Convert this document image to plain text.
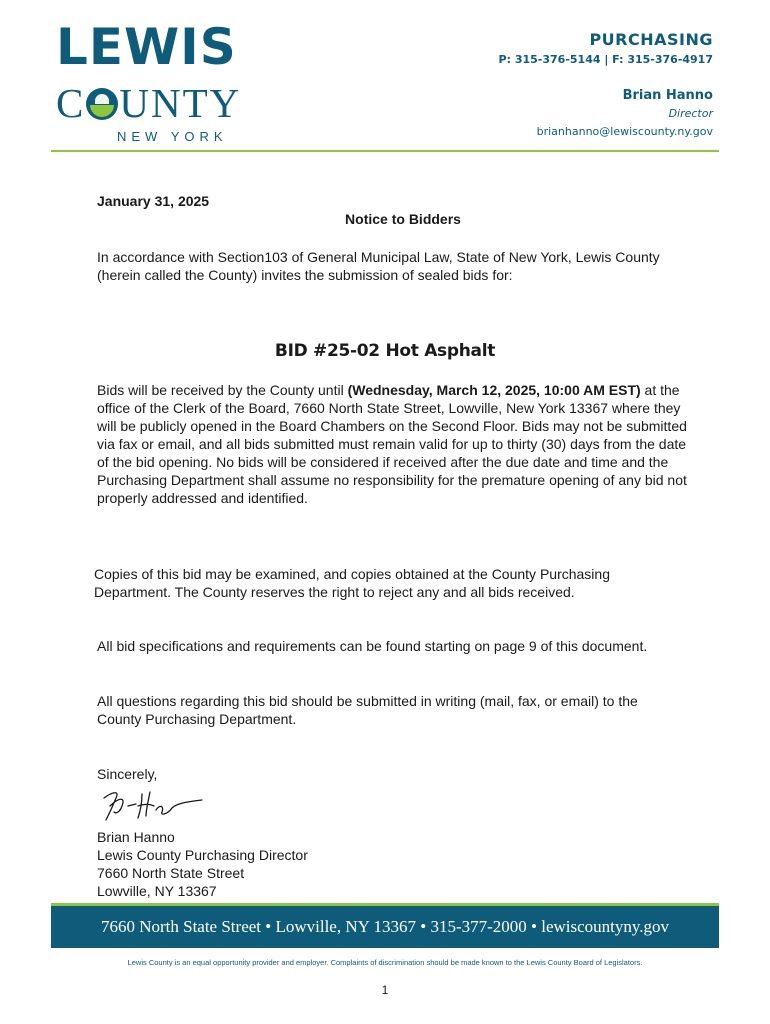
LEWIS
C UNTY
NEW YORK
PURCHASING
P: 315-376-5144 | F: 315-376-4917
Brian Hanno
Director
brianhanno@lewiscounty.ny.gov
January 31, 2025
Notice to Bidders
In accordance with Section103 of General Municipal Law, State of New York, Lewis County (herein called the County) invites the submission of sealed bids for:
BID #25-02 Hot Asphalt
Bids will be received by the County until (Wednesday, March 12, 2025, 10:00 AM EST) at the office of the Clerk of the Board, 7660 North State Street, Lowville, New York 13367 where they will be publicly opened in the Board Chambers on the Second Floor. Bids may not be submitted via fax or email, and all bids submitted must remain valid for up to thirty (30) days from the date of the bid opening. No bids will be considered if received after the due date and time and the Purchasing Department shall assume no responsibility for the premature opening of any bid not properly addressed and identified.
Copies of this bid may be examined, and copies obtained at the County Purchasing Department. The County reserves the right to reject any and all bids received.
All bid specifications and requirements can be found starting on page 9 of this document.
All questions regarding this bid should be submitted in writing (mail, fax, or email) to the County Purchasing Department.
Sincerely,
Brian Hanno
Lewis County Purchasing Director
7660 North State Street
Lowville, NY 13367
7660 North State Street • Lowville, NY 13367 • 315-377-2000 • lewiscountyny.gov
Lewis County is an equal opportunity provider and employer. Complaints of discrimination should be made known to the Lewis County Board of Legislators.
1
